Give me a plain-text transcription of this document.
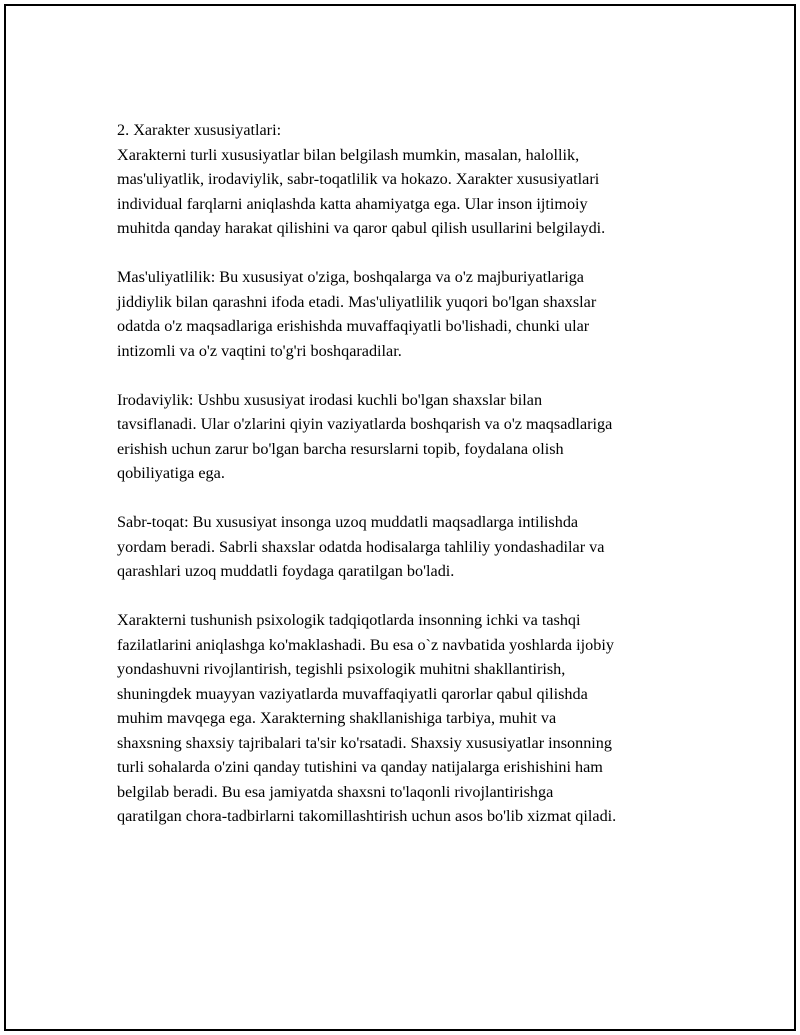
2. Xarakter xususiyatlari:
Xarakterni turli xususiyatlar bilan belgilash mumkin, masalan, halollik,
mas'uliyatlik, irodaviylik, sabr-toqatlilik va hokazo. Xarakter xususiyatlari
individual farqlarni aniqlashda katta ahamiyatga ega. Ular inson ijtimoiy
muhitda qanday harakat qilishini va qaror qabul qilish usullarini belgilaydi.

Mas'uliyatlilik: Bu xususiyat o'ziga, boshqalarga va o'z majburiyatlariga
jiddiylik bilan qarashni ifoda etadi. Mas'uliyatlilik yuqori bo'lgan shaxslar
odatda o'z maqsadlariga erishishda muvaffaqiyatli bo'lishadi, chunki ular
intizomli va o'z vaqtini to'g'ri boshqaradilar.

Irodaviylik: Ushbu xususiyat irodasi kuchli bo'lgan shaxslar bilan
tavsiflanadi. Ular o'zlarini qiyin vaziyatlarda boshqarish va o'z maqsadlariga
erishish uchun zarur bo'lgan barcha resurslarni topib, foydalana olish
qobiliyatiga ega.

Sabr-toqat: Bu xususiyat insonga uzoq muddatli maqsadlarga intilishda
yordam beradi. Sabrli shaxslar odatda hodisalarga tahliliy yondashadilar va
qarashlari uzoq muddatli foydaga qaratilgan bo'ladi.

Xarakterni tushunish psixologik tadqiqotlarda insonning ichki va tashqi
fazilatlarini aniqlashga ko'maklashadi. Bu esa o`z navbatida yoshlarda ijobiy
yondashuvni rivojlantirish, tegishli psixologik muhitni shakllantirish,
shuningdek muayyan vaziyatlarda muvaffaqiyatli qarorlar qabul qilishda
muhim mavqega ega. Xarakterning shakllanishiga tarbiya, muhit va
shaxsning shaxsiy tajribalari ta'sir ko'rsatadi. Shaxsiy xususiyatlar insonning
turli sohalarda o'zini qanday tutishini va qanday natijalarga erishishini ham
belgilab beradi. Bu esa jamiyatda shaxsni to'laqonli rivojlantirishga
qaratilgan chora-tadbirlarni takomillashtirish uchun asos bo'lib xizmat qiladi.
